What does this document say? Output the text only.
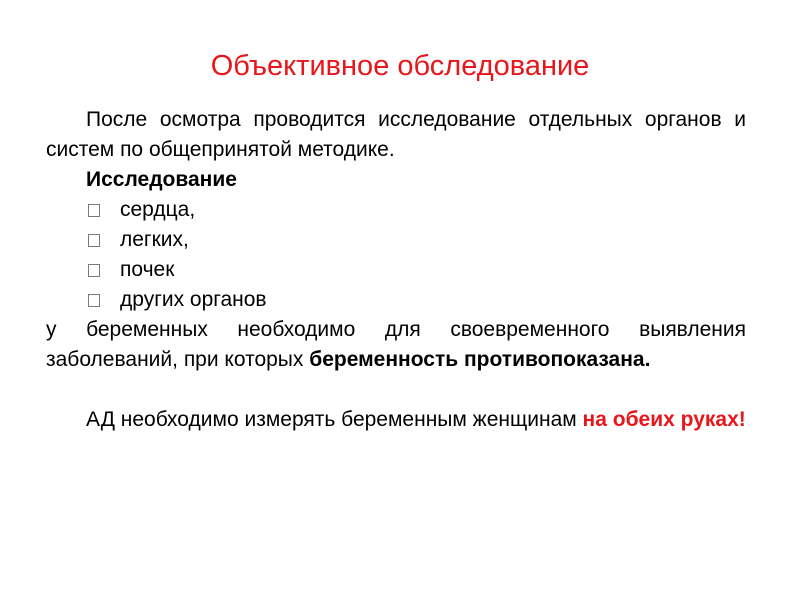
Объективное обследование

После осмотра проводится исследование отдельных органов и систем по общепринятой методике.

Исследование

сердца,
легких,
почек
других органов

у беременных необходимо для своевременного выявления заболеваний, при которых беременность противопоказана.

АД необходимо измерять беременным женщинам на обеих руках!
